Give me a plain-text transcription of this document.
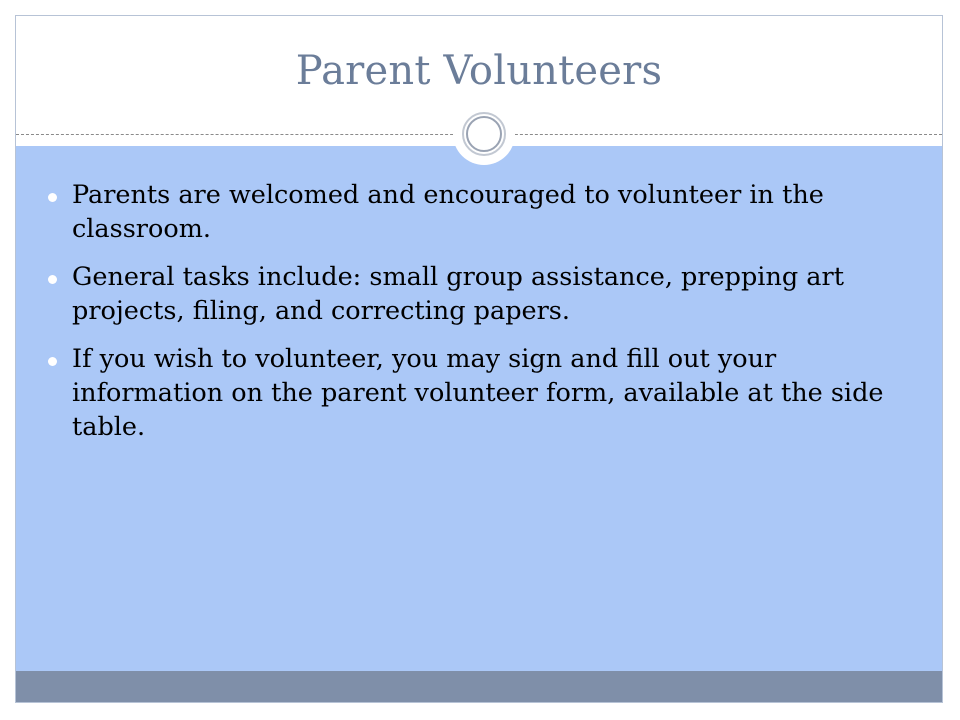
Parent Volunteers
Parents are welcomed and encouraged to volunteer in the classroom.
General tasks include: small group assistance, prepping art projects, filing, and correcting papers.
If you wish to volunteer, you may sign and fill out your information on the parent volunteer form, available at the side table.
